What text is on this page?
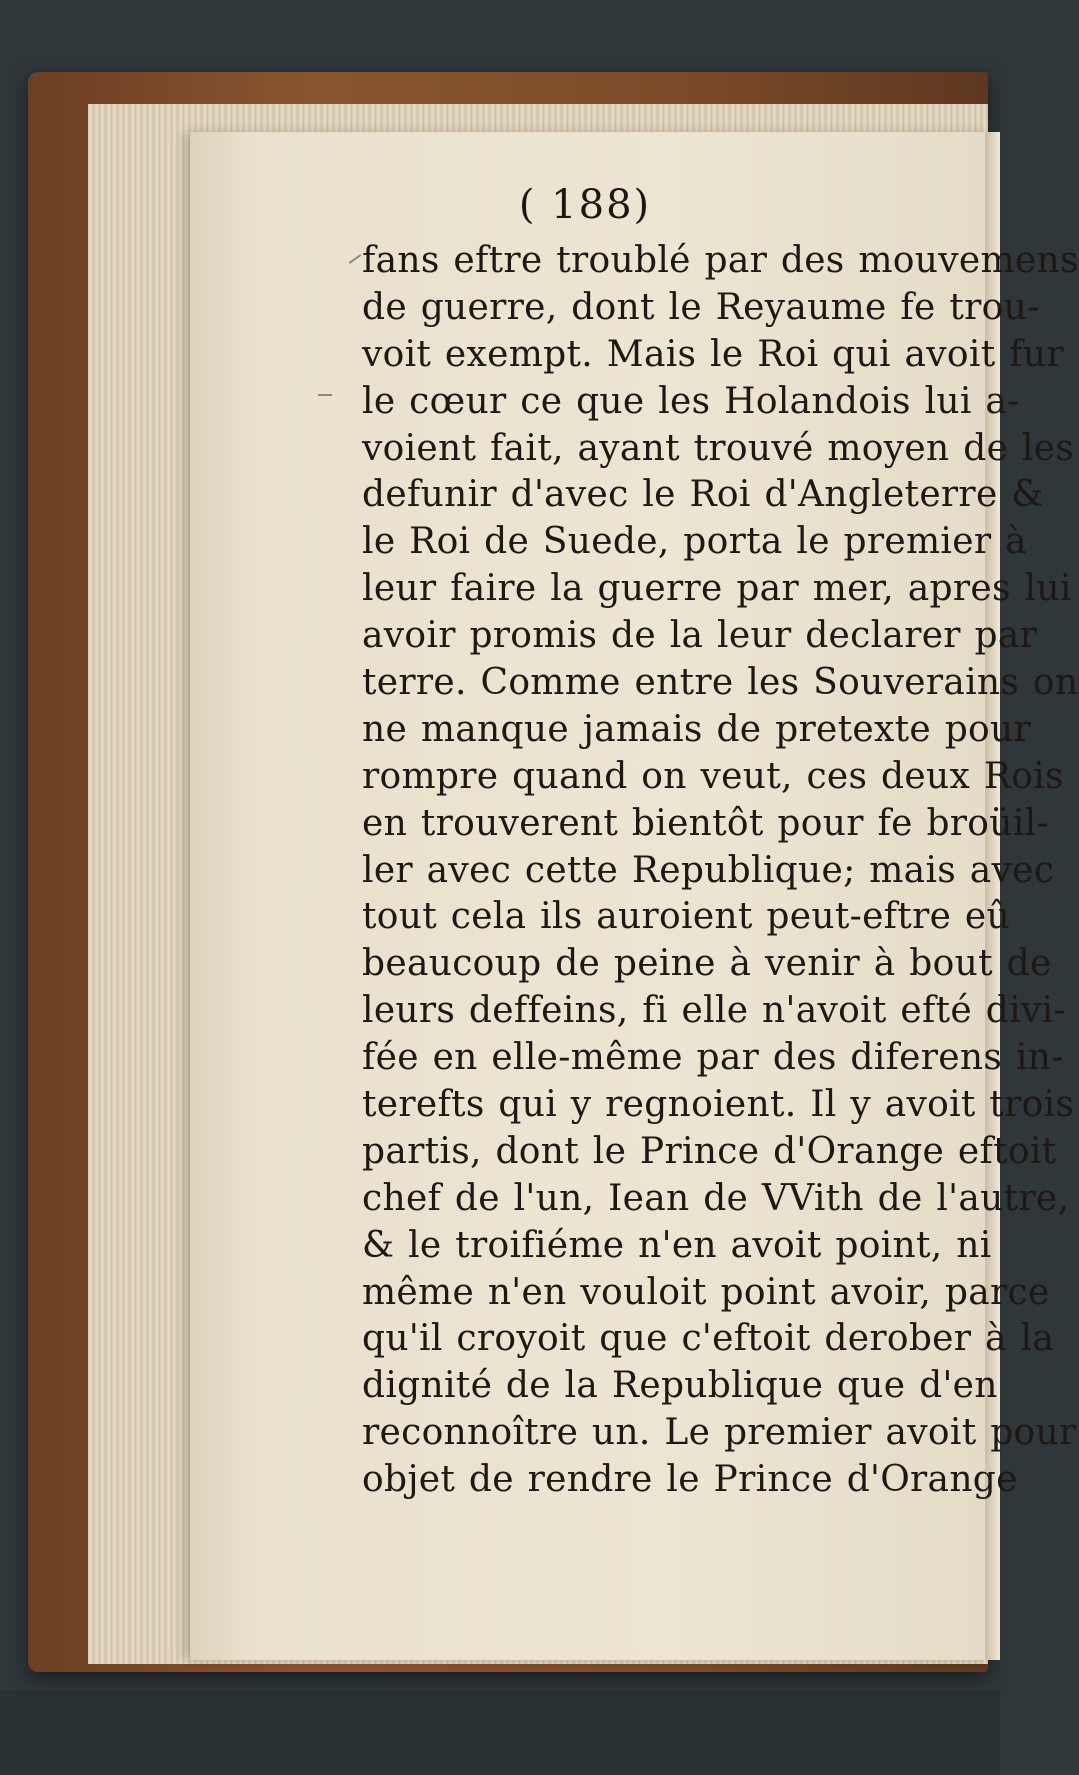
( 188)
fans eftre troublé par des mouvemens
de guerre, dont le Reyaume fe trou-
voit exempt. Mais le Roi qui avoit fur
le cœur ce que les Holandois lui a-
voient fait, ayant trouvé moyen de les
defunir d'avec le Roi d'Angleterre &
le Roi de Suede, porta le premier à
leur faire la guerre par mer, apres lui
avoir promis de la leur declarer par
terre. Comme entre les Souverains on
ne manque jamais de pretexte pour
rompre quand on veut, ces deux Rois
en trouverent bientôt pour fe broüil-
ler avec cette Republique; mais avec
tout cela ils auroient peut-eftre eû
beaucoup de peine à venir à bout de
leurs deffeins, fi elle n'avoit efté divi-
fée en elle-même par des diferens in-
terefts qui y regnoient. Il y avoit trois
partis, dont le Prince d'Orange eftoit
chef de l'un, Iean de VVith de l'autre,
& le troifiéme n'en avoit point, ni
même n'en vouloit point avoir, parce
qu'il croyoit que c'eftoit derober à la
dignité de la Republique que d'en
reconnoître un. Le premier avoit pour
objet de rendre le Prince d'Orange
